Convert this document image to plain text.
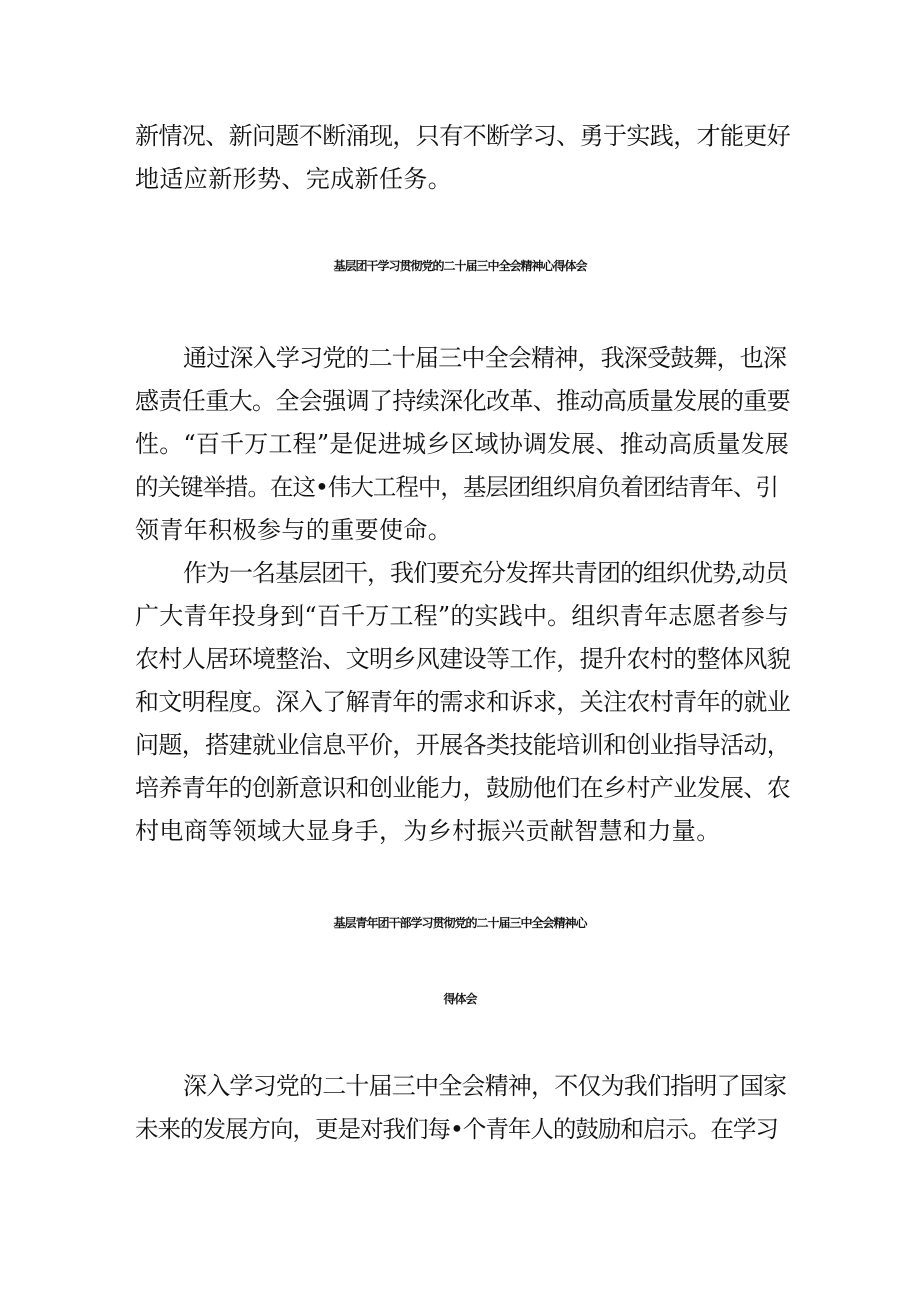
新情况、新问题不断涌现，只有不断学习、勇于实践，才能更好
地适应新形势、完成新任务。
基层团干学习贯彻党的二十届三中全会精神心得体会
通过深入学习党的二十届三中全会精神，我深受鼓舞，也深
感责任重大。全会强调了持续深化改革、推动高质量发展的重要
性。“百千万工程”是促进城乡区域协调发展、推动高质量发展
的关键举措。在这•伟大工程中，基层团组织肩负着团结青年、引
领青年积极参与的重要使命。
作为一名基层团干，我们要充分发挥共青团的组织优势,动员
广大青年投身到“百千万工程”的实践中。组织青年志愿者参与
农村人居环境整治、文明乡风建设等工作，提升农村的整体风貌
和文明程度。深入了解青年的需求和诉求，关注农村青年的就业
问题，搭建就业信息平价，开展各类技能培训和创业指导活动，
培养青年的创新意识和创业能力，鼓励他们在乡村产业发展、农
村电商等领域大显身手，为乡村振兴贡献智慧和力量。
基层青年团干部学习贯彻党的二十届三中全会精神心
得体会
深入学习党的二十届三中全会精神，不仅为我们指明了国家
未来的发展方向，更是对我们每•个青年人的鼓励和启示。在学习
